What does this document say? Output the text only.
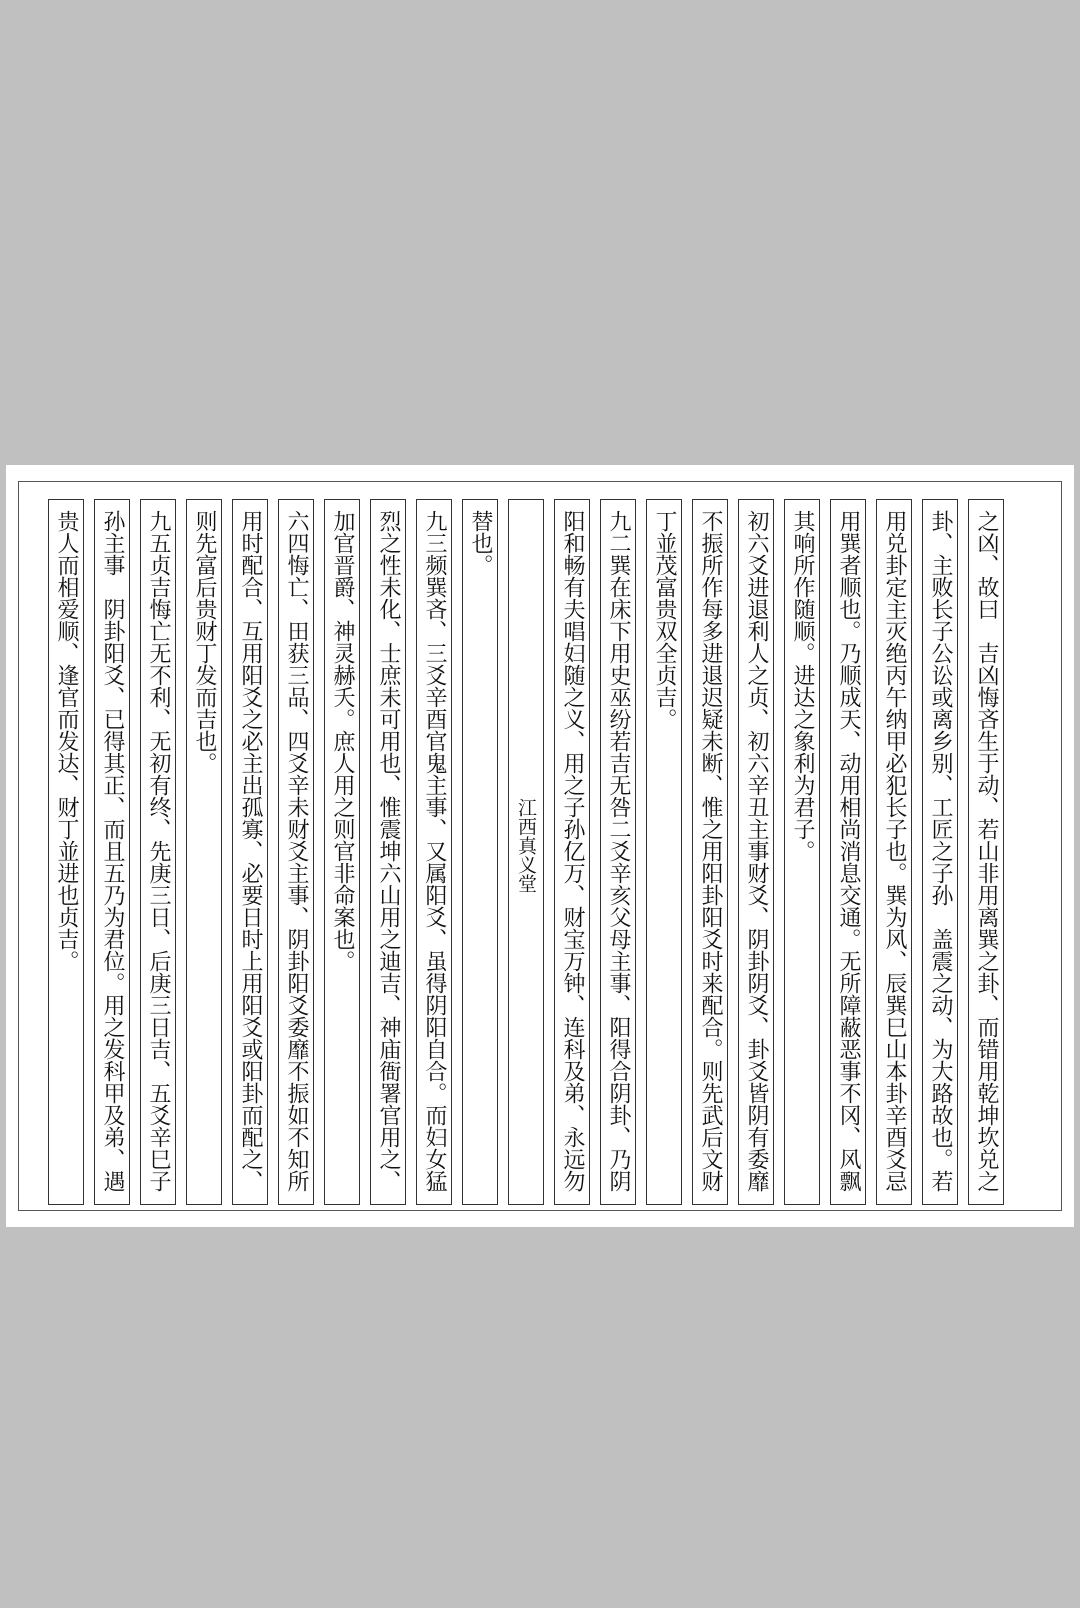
之凶、故曰　吉凶悔吝生于动、若山非用离巽之卦、而错用乾坤坎兑之
卦、主败长子公讼或离乡别、工匠之子孙　盖震之动、为大路故也。若
用兑卦定主灭绝丙午纳甲必犯长子也。巽为风、辰巽巳山本卦辛酉爻忌
用巽者顺也。乃顺成天、动用相尚消息交通。无所障蔽恶事不冈、风飘
其响所作随顺。进达之象利为君子。
初六爻进退利人之贞、初六辛丑主事财爻、阴卦阴爻、卦爻皆阴有委靡
不振所作每多进退迟疑未断、惟之用阳卦阳爻时来配合。则先武后文财
丁並茂富贵双全贞吉。
九二巽在床下用史巫纷若吉无咎二爻辛亥父母主事、阳得合阴卦、乃阴
阳和畅有夫唱妇随之义、用之子孙亿万、财宝万钟、连科及弟、永远勿
江西真义堂
替也。
九三频巽吝、三爻辛酉官鬼主事、又属阳爻、虽得阴阳自合。而妇女猛
烈之性未化、士庶未可用也、惟震坤六山用之迪吉、神庙衙署官用之、
加官晋爵、神灵赫夭。庶人用之则官非命案也。
六四悔亡、田获三品、四爻辛未财爻主事、阴卦阳爻委靡不振如不知所
用时配合、互用阳爻之必主出孤寡、必要日时上用阳爻或阳卦而配之、
则先富后贵财丁发而吉也。
九五贞吉悔亡无不利、无初有终、先庚三日、后庚三日吉、五爻辛巳子
孙主事　阴卦阳爻、已得其正、而且五乃为君位。用之发科甲及弟、遇
贵人而相爱顺、逢官而发达、财丁並进也贞吉。
